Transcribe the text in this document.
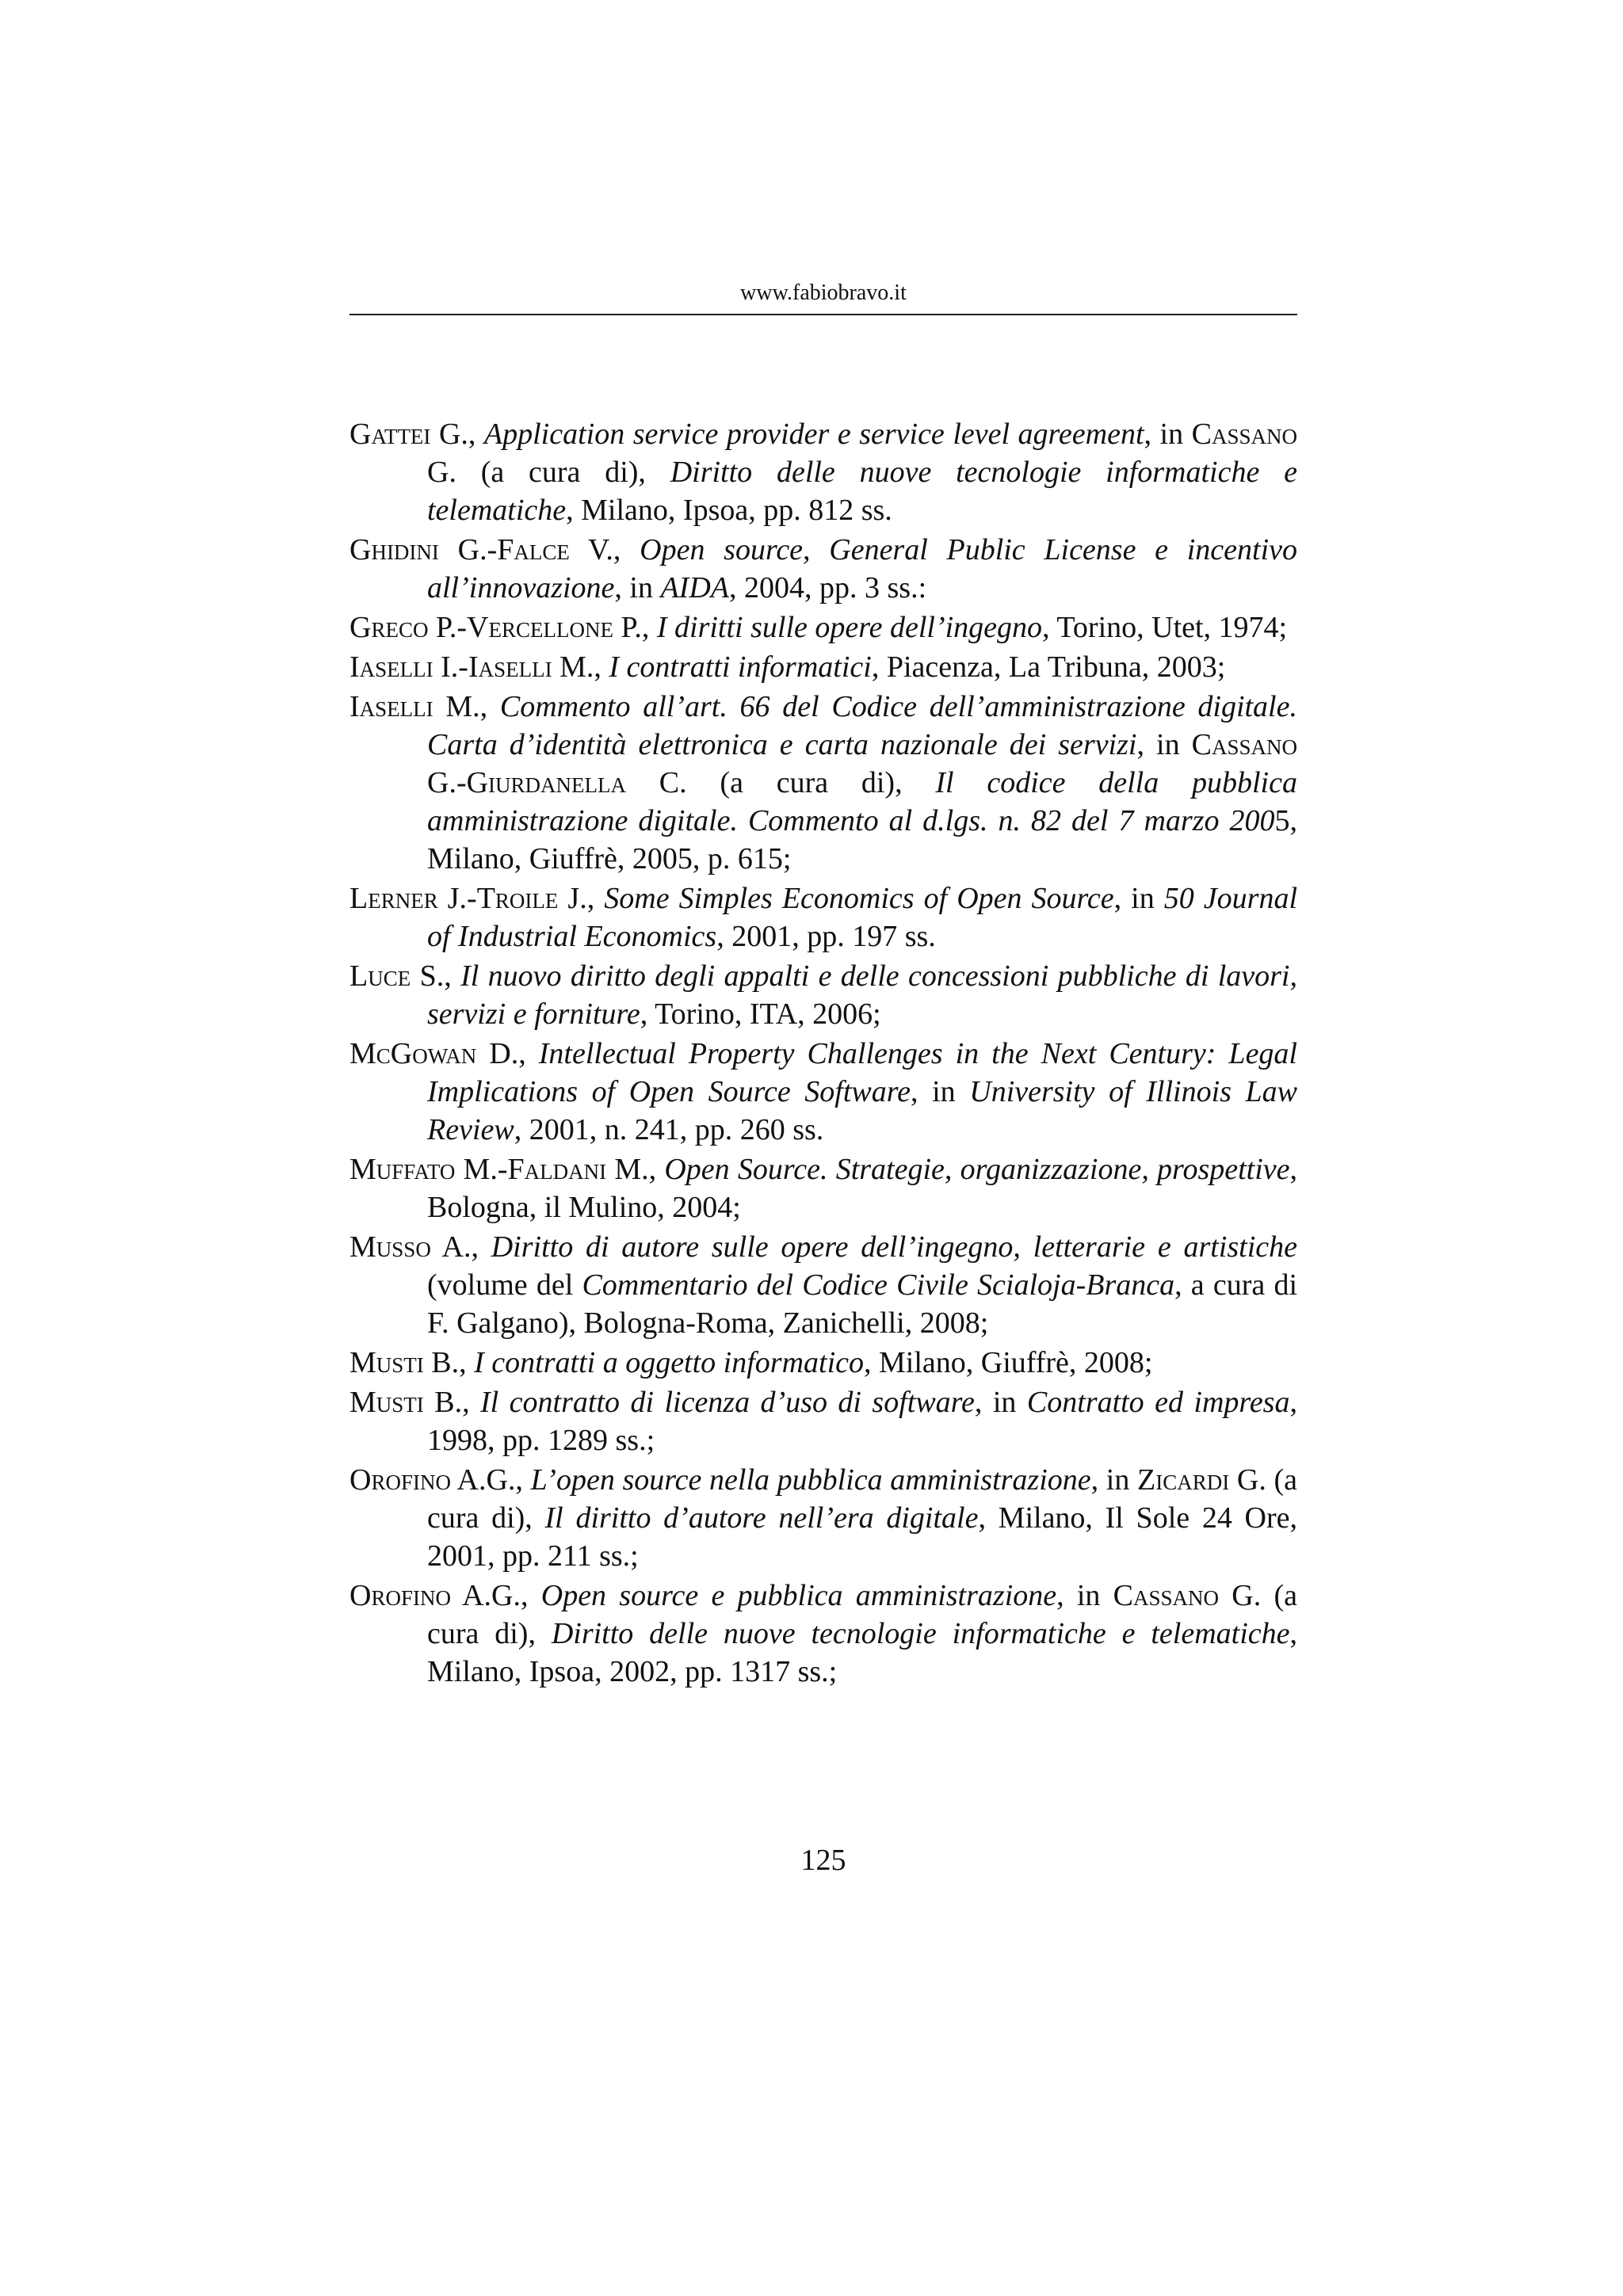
www.fabiobravo.it

Gattei G., Application service provider e service level agreement, in Cassano G. (a cura di), Diritto delle nuove tecnologie informatiche e telematiche, Milano, Ipsoa, pp. 812 ss.

Ghidini G.-Falce V., Open source, General Public License e incentivo all’innovazione, in AIDA, 2004, pp. 3 ss.:

Greco P.-Vercellone P., I diritti sulle opere dell’ingegno, Torino, Utet, 1974;

Iaselli I.-Iaselli M., I contratti informatici, Piacenza, La Tribuna, 2003;

Iaselli M., Commento all’art. 66 del Codice dell’amministrazione digitale. Carta d’identità elettronica e carta nazionale dei servizi, in Cassano G.-Giurdanella C. (a cura di), Il codice della pubblica amministrazione digitale. Commento al d.lgs. n. 82 del 7 marzo 2005, Milano, Giuffrè, 2005, p. 615;

Lerner J.-Troile J., Some Simples Economics of Open Source, in 50 Journal of Industrial Economics, 2001, pp. 197 ss.

Luce S., Il nuovo diritto degli appalti e delle concessioni pubbliche di lavori, servizi e forniture, Torino, ITA, 2006;

McGowan D., Intellectual Property Challenges in the Next Century: Legal Implications of Open Source Software, in University of Illinois Law Review, 2001, n. 241, pp. 260 ss.

Muffato M.-Faldani M., Open Source. Strategie, organizzazione, prospettive, Bologna, il Mulino, 2004;

Musso A., Diritto di autore sulle opere dell’ingegno, letterarie e artistiche (volume del Commentario del Codice Civile Scialoja-Branca, a cura di F. Galgano), Bologna-Roma, Zanichelli, 2008;

Musti B., I contratti a oggetto informatico, Milano, Giuffrè, 2008;

Musti B., Il contratto di licenza d’uso di software, in Contratto ed impresa, 1998, pp. 1289 ss.;

Orofino A.G., L’open source nella pubblica amministrazione, in Zicardi G. (a cura di), Il diritto d’autore nell’era digitale, Milano, Il Sole 24 Ore, 2001, pp. 211 ss.;

Orofino A.G., Open source e pubblica amministrazione, in Cassano G. (a cura di), Diritto delle nuove tecnologie informatiche e telematiche, Milano, Ipsoa, 2002, pp. 1317 ss.;

125
